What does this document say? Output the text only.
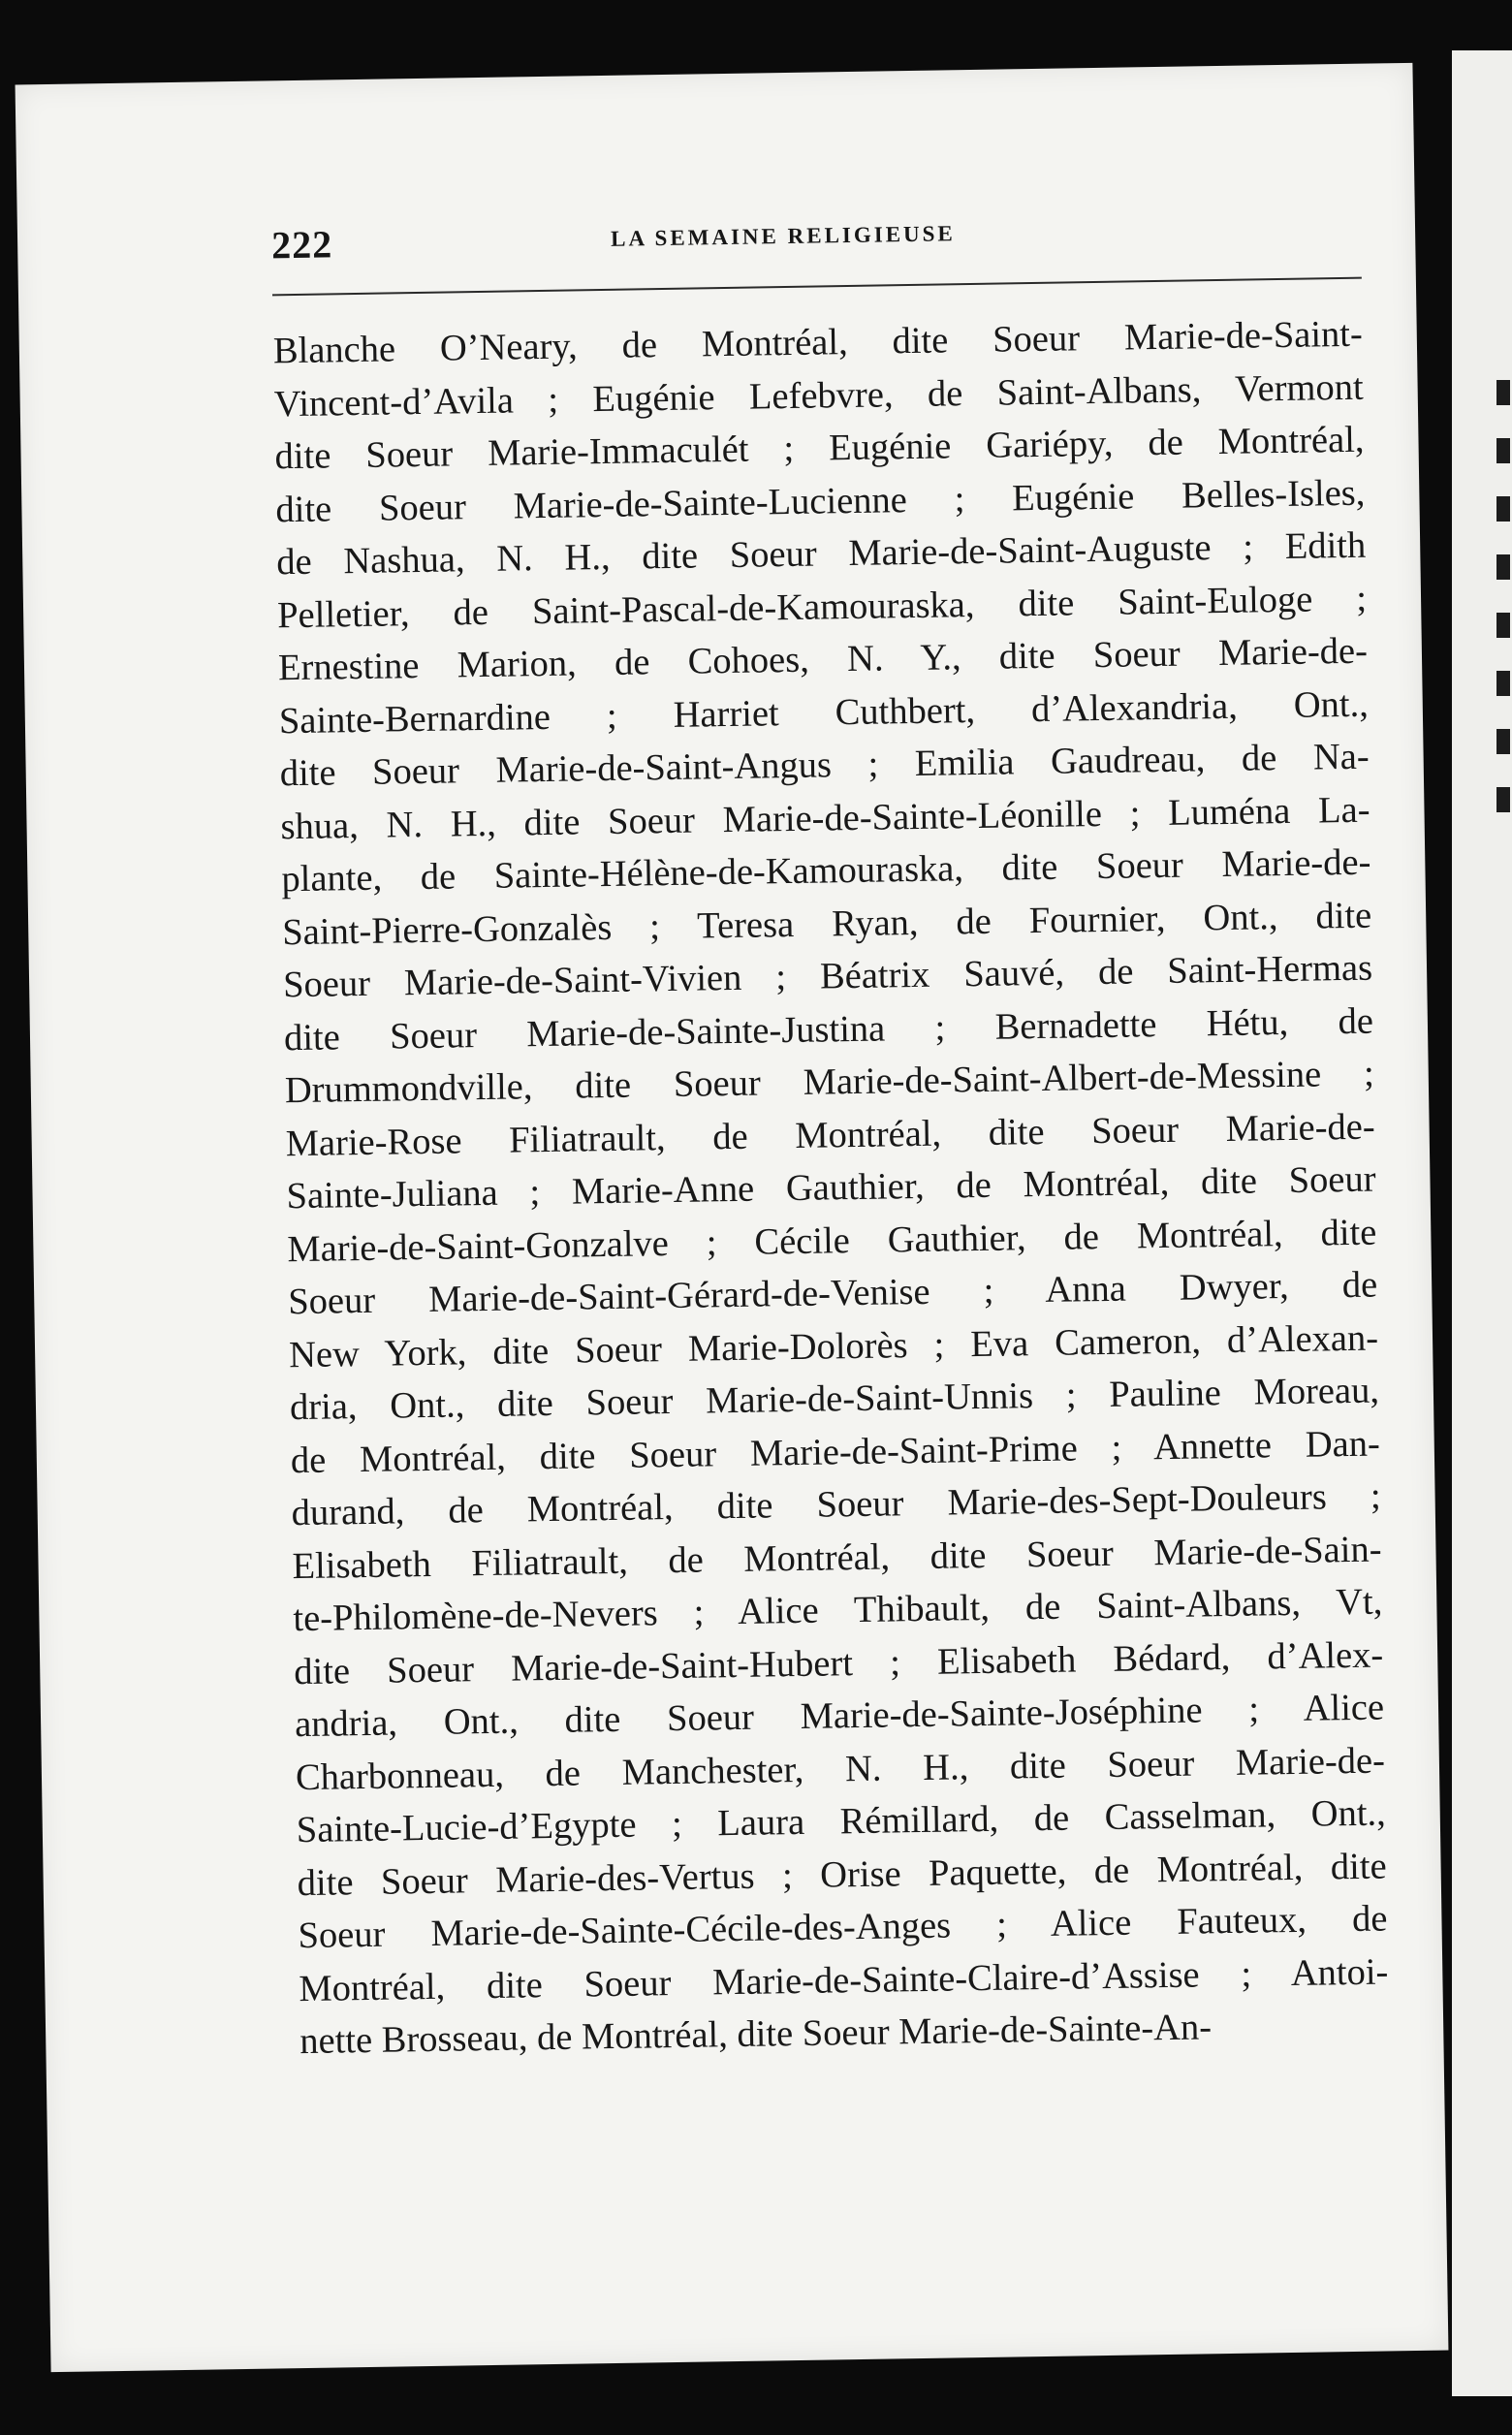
222	LA SEMAINE RELIGIEUSE
Blanche O’Neary, de Montréal, dite Soeur Marie-de-Saint-
Vincent-d’Avila ; Eugénie Lefebvre, de Saint-Albans, Vermont
dite Soeur Marie-Immaculét ; Eugénie Gariépy, de Montréal,
dite Soeur Marie-de-Sainte-Lucienne ; Eugénie Belles-Isles,
de Nashua, N. H., dite Soeur Marie-de-Saint-Auguste ; Edith
Pelletier, de Saint-Pascal-de-Kamouraska, dite Saint-Euloge ;
Ernestine Marion, de Cohoes, N. Y., dite Soeur Marie-de-
Sainte-Bernardine ; Harriet Cuthbert, d’Alexandria, Ont.,
dite Soeur Marie-de-Saint-Angus ; Emilia Gaudreau, de Na-
shua, N. H., dite Soeur Marie-de-Sainte-Léonille ; Luména La-
plante, de Sainte-Hélène-de-Kamouraska, dite Soeur Marie-de-
Saint-Pierre-Gonzalès ; Teresa Ryan, de Fournier, Ont., dite
Soeur Marie-de-Saint-Vivien ; Béatrix Sauvé, de Saint-Hermas
dite Soeur Marie-de-Sainte-Justina ; Bernadette Hétu, de
Drummondville, dite Soeur Marie-de-Saint-Albert-de-Messine ;
Marie-Rose Filiatrault, de Montréal, dite Soeur Marie-de-
Sainte-Juliana ; Marie-Anne Gauthier, de Montréal, dite Soeur
Marie-de-Saint-Gonzalve ; Cécile Gauthier, de Montréal, dite
Soeur Marie-de-Saint-Gérard-de-Venise ; Anna Dwyer, de
New York, dite Soeur Marie-Dolorès ; Eva Cameron, d’Alexan-
dria, Ont., dite Soeur Marie-de-Saint-Unnis ; Pauline Moreau,
de Montréal, dite Soeur Marie-de-Saint-Prime ; Annette Dan-
durand, de Montréal, dite Soeur Marie-des-Sept-Douleurs ;
Elisabeth Filiatrault, de Montréal, dite Soeur Marie-de-Sain-
te-Philomène-de-Nevers ; Alice Thibault, de Saint-Albans, Vt,
dite Soeur Marie-de-Saint-Hubert ; Elisabeth Bédard, d’Alex-
andria, Ont., dite Soeur Marie-de-Sainte-Joséphine ; Alice
Charbonneau, de Manchester, N. H., dite Soeur Marie-de-
Sainte-Lucie-d’Egypte ; Laura Rémillard, de Casselman, Ont.,
dite Soeur Marie-des-Vertus ; Orise Paquette, de Montréal, dite
Soeur Marie-de-Sainte-Cécile-des-Anges ; Alice Fauteux, de
Montréal, dite Soeur Marie-de-Sainte-Claire-d’Assise ; Antoi-
nette Brosseau, de Montréal, dite Soeur Marie-de-Sainte-An-
